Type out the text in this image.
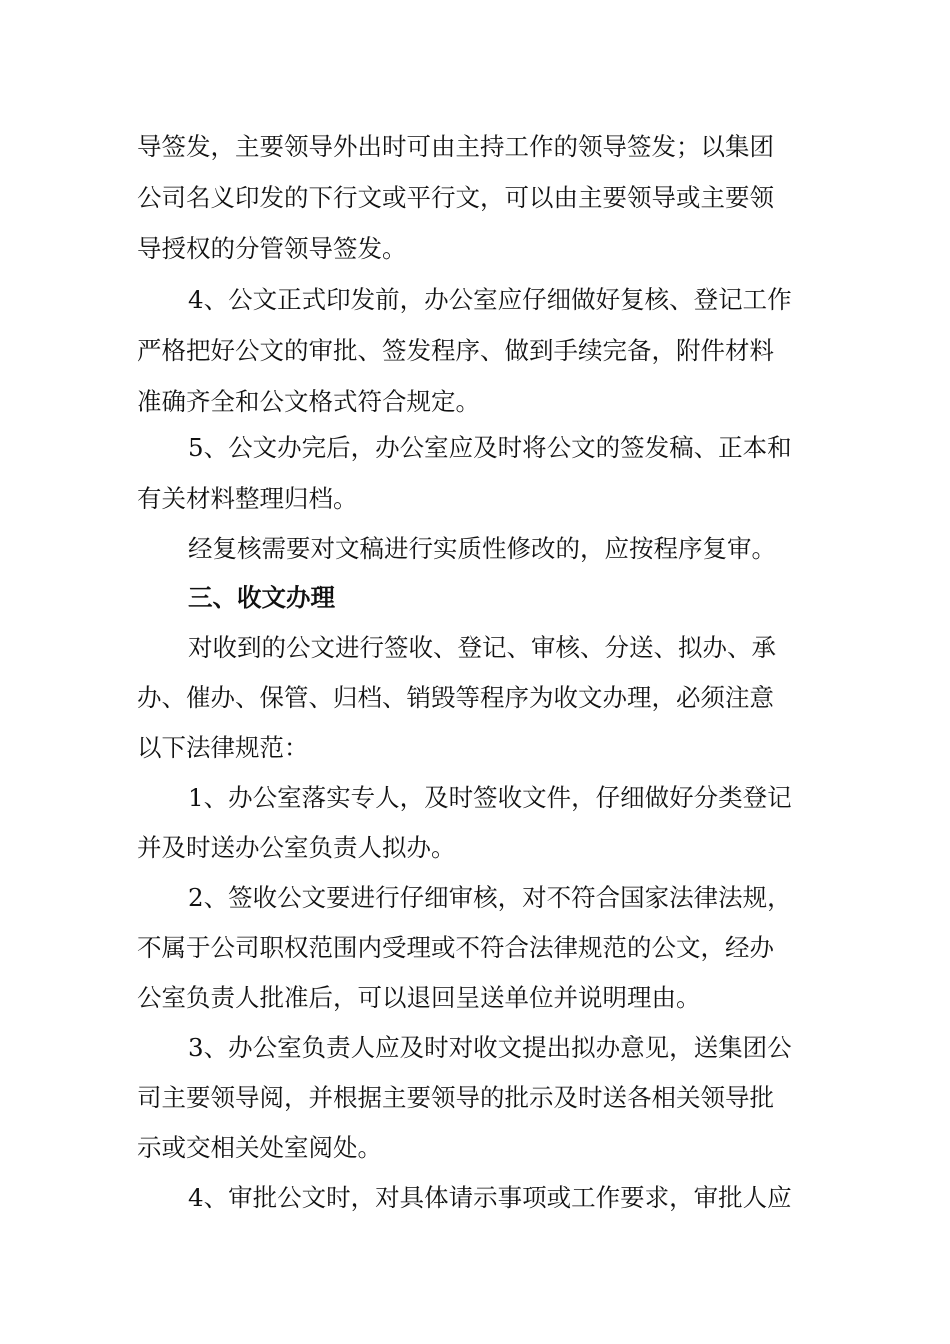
导签发，主要领导外出时可由主持工作的领导签发；以集团
公司名义印发的下行文或平行文，可以由主要领导或主要领
导授权的分管领导签发。
4、公文正式印发前，办公室应仔细做好复核、登记工作
严格把好公文的审批、签发程序、做到手续完备，附件材料
准确齐全和公文格式符合规定。
5、公文办完后，办公室应及时将公文的签发稿、正本和
有关材料整理归档。
经复核需要对文稿进行实质性修改的，应按程序复审。
三、收文办理
对收到的公文进行签收、登记、审核、分送、拟办、承
办、催办、保管、归档、销毁等程序为收文办理，必须注意
以下法律规范：
1、办公室落实专人，及时签收文件，仔细做好分类登记
并及时送办公室负责人拟办。
2、签收公文要进行仔细审核，对不符合国家法律法规，
不属于公司职权范围内受理或不符合法律规范的公文，经办
公室负责人批准后，可以退回呈送单位并说明理由。
3、办公室负责人应及时对收文提出拟办意见，送集团公
司主要领导阅，并根据主要领导的批示及时送各相关领导批
示或交相关处室阅处。
4、审批公文时，对具体请示事项或工作要求，审批人应
